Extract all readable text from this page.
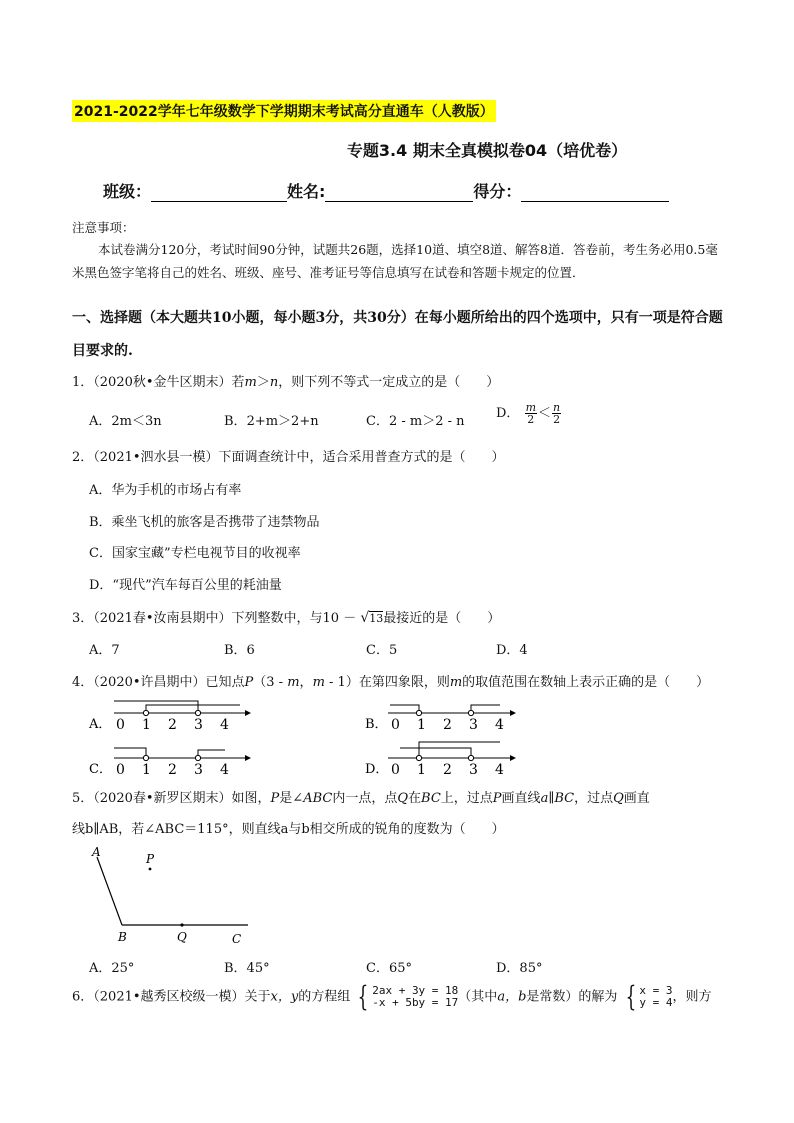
2021-2022学年七年级数学下学期期末考试高分直通车（人教版）
专题3.4 期末全真模拟卷04（培优卷）
班级：	姓名:	得分：
注意事项：
本试卷满分120分，考试时间90分钟，试题共26题，选择10道、填空8道、解答8道．答卷前，考生务必用0.5毫米黑色签字笔将自己的姓名、班级、座号、准考证号等信息填写在试卷和答题卡规定的位置．
一、选择题（本大题共10小题，每小题3分，共30分）在每小题所给出的四个选项中，只有一项是符合题目要求的.
1．（2020秋•金牛区期末）若m＞n，则下列不等式一定成立的是（　　）
A．2m＜3n	B．2+m＞2+n	C．2 - m＞2 - n
D． $\frac{m}{2} < \frac{n}{2}$
2．（2021•泗水县一模）下面调查统计中，适合采用普查方式的是（　　）
A．华为手机的市场占有率
B．乘坐飞机的旅客是否携带了违禁物品
C．国家宝藏”专栏电视节目的收视率
D．“现代”汽车每百公里的耗油量
3．（2021春•汝南县期中）下列整数中，与10 － √13最接近的是（　　）
A．7	B．6	C．5	D．4
4．（2020•许昌期中）已知点P（3 - m，m - 1）在第四象限，则m的取值范围在数轴上表示正确的是（　　）
A． 0 1 2 3 4	B． 0 1 2 3 4
C． 0 1 2 3 4	D． 0 1 2 3 4
5．（2020春•新罗区期末）如图，P是∠ABC内一点，点Q在BC上，过点P画直线a∥BC，过点Q画直
线b∥AB，若∠ABC＝115°，则直线a与b相交所成的锐角的度数为（　　）
A	P
B	Q	C
A．25°	B．45°	C．65°	D．85°
6．（2021•越秀区校级一模）关于x，y的方程组 { 2ax + 3y = 18
-x + 5by = 17 （其中a，b是常数）的解为 { x = 3
y = 4 ，则方
